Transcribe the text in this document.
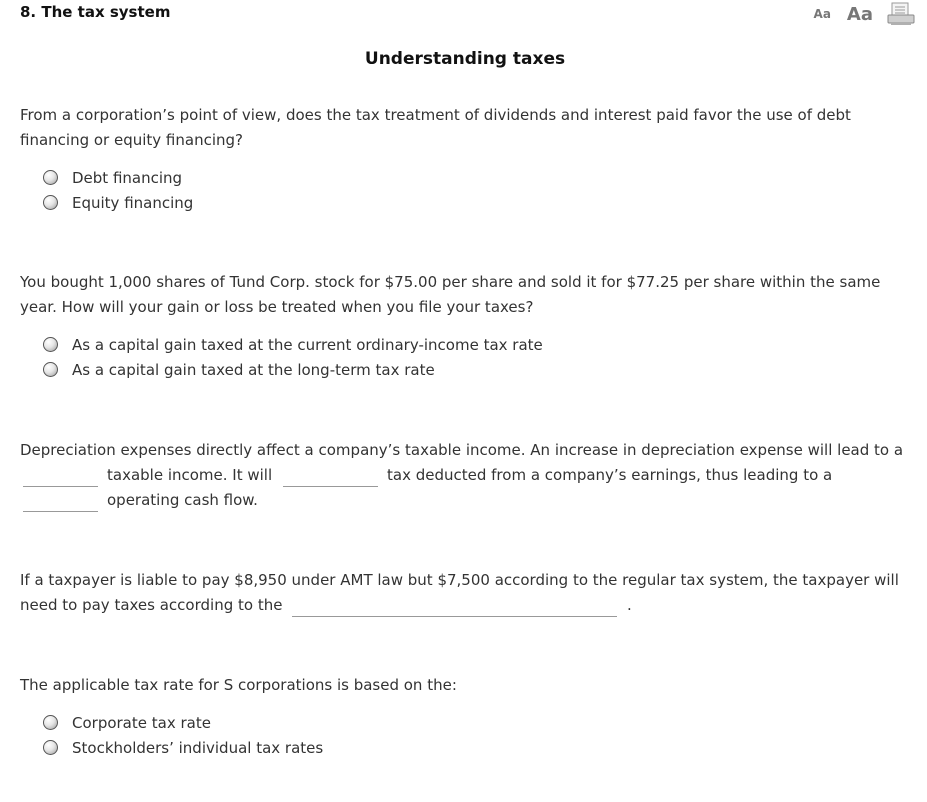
8. The tax system	Aa Aa
Understanding taxes
From a corporation’s point of view, does the tax treatment of dividends and interest paid favor the use of debt financing or equity financing?
Debt financing
Equity financing
You bought 1,000 shares of Tund Corp. stock for $75.00 per share and sold it for $77.25 per share within the same year. How will your gain or loss be treated when you file your taxes?
As a capital gain taxed at the current ordinary-income tax rate
As a capital gain taxed at the long-term tax rate
Depreciation expenses directly affect a company’s taxable income. An increase in depreciation expense will lead to a
taxable income. It will	tax deducted from a company’s earnings, thus leading to a
operating cash flow.
If a taxpayer is liable to pay $8,950 under AMT law but $7,500 according to the regular tax system, the taxpayer will need to pay taxes according to the	.
The applicable tax rate for S corporations is based on the:
Corporate tax rate
Stockholders’ individual tax rates
